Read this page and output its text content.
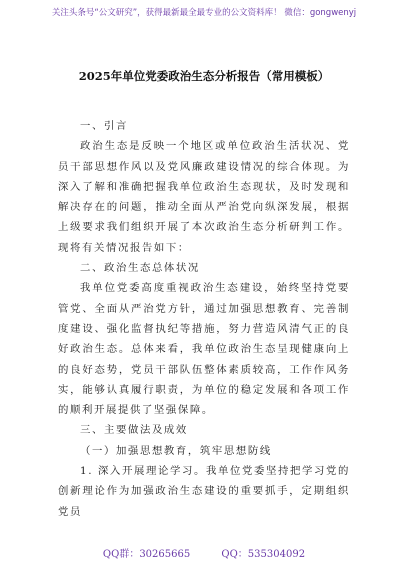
关注头条号“公文研究”，获得最新最全最专业的公文资料库！ 微信：gongwenyj
2025年单位党委政治生态分析报告（常用模板）

一、引言

政治生态是反映一个地区或单位政治生活状况、党员干部思想作风以及党风廉政建设情况的综合体现。为深入了解和准确把握我单位政治生态现状，及时发现和解决存在的问题，推动全面从严治党向纵深发展，根据上级要求我们组织开展了本次政治生态分析研判工作。现将有关情况报告如下：

二、政治生态总体状况

我单位党委高度重视政治生态建设，始终坚持党要管党、全面从严治党方针，通过加强思想教育、完善制度建设、强化监督执纪等措施，努力营造风清气正的良好政治生态。总体来看，我单位政治生态呈现健康向上的良好态势，党员干部队伍整体素质较高，工作作风务实，能够认真履行职责，为单位的稳定发展和各项工作的顺利开展提供了坚强保障。

三、主要做法及成效

（一）加强思想教育，筑牢思想防线

1. 深入开展理论学习。我单位党委坚持把学习党的创新理论作为加强政治生态建设的重要抓手，定期组织党员

QQ群：30265665	QQ：535304092
